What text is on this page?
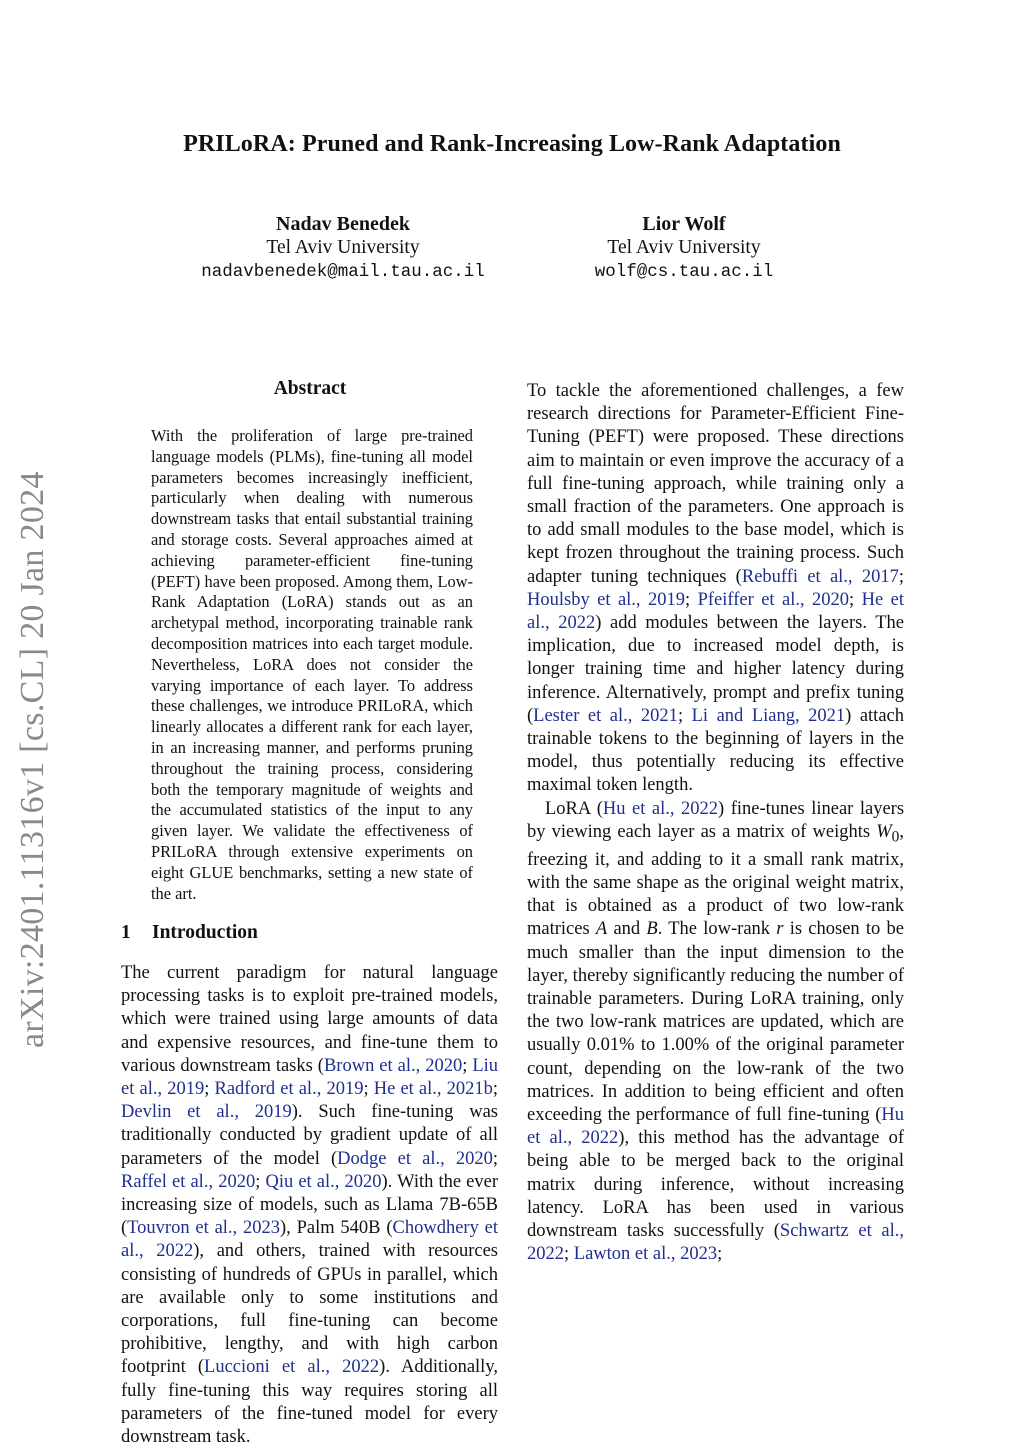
arXiv:2401.11316v1 [cs.CL] 20 Jan 2024
PRILoRA: Pruned and Rank-Increasing Low-Rank Adaptation
Nadav Benedek
Tel Aviv University
nadavbenedek@mail.tau.ac.il
Lior Wolf
Tel Aviv University
wolf@cs.tau.ac.il
Abstract
With the proliferation of large pre-trained language models (PLMs), fine-tuning all model parameters becomes increasingly inefficient, particularly when dealing with numerous downstream tasks that entail substantial training and storage costs. Several approaches aimed at achieving parameter-efficient fine-tuning (PEFT) have been proposed. Among them, Low-Rank Adaptation (LoRA) stands out as an archetypal method, incorporating trainable rank decomposition matrices into each target module. Nevertheless, LoRA does not consider the varying importance of each layer. To address these challenges, we introduce PRILoRA, which linearly allocates a different rank for each layer, in an increasing manner, and performs pruning throughout the training process, considering both the temporary magnitude of weights and the accumulated statistics of the input to any given layer. We validate the effectiveness of PRILoRA through extensive experiments on eight GLUE benchmarks, setting a new state of the art.
1 Introduction

The current paradigm for natural language processing tasks is to exploit pre-trained models, which were trained using large amounts of data and expensive resources, and fine-tune them to various downstream tasks (Brown et al., 2020; Liu et al., 2019; Radford et al., 2019; He et al., 2021b; Devlin et al., 2019). Such fine-tuning was traditionally conducted by gradient update of all parameters of the model (Dodge et al., 2020; Raffel et al., 2020; Qiu et al., 2020). With the ever increasing size of models, such as Llama 7B-65B (Touvron et al., 2023), Palm 540B (Chowdhery et al., 2022), and others, trained with resources consisting of hundreds of GPUs in parallel, which are available only to some institutions and corporations, full fine-tuning can become prohibitive, lengthy, and with high carbon footprint (Luccioni et al., 2022). Additionally, fully fine-tuning this way requires storing all parameters of the fine-tuned model for every downstream task.

To tackle the aforementioned challenges, a few research directions for Parameter-Efficient Fine-Tuning (PEFT) were proposed. These directions aim to maintain or even improve the accuracy of a full fine-tuning approach, while training only a small fraction of the parameters. One approach is to add small modules to the base model, which is kept frozen throughout the training process. Such adapter tuning techniques (Rebuffi et al., 2017; Houlsby et al., 2019; Pfeiffer et al., 2020; He et al., 2022) add modules between the layers. The implication, due to increased model depth, is longer training time and higher latency during inference. Alternatively, prompt and prefix tuning (Lester et al., 2021; Li and Liang, 2021) attach trainable tokens to the beginning of layers in the model, thus potentially reducing its effective maximal token length.

LoRA (Hu et al., 2022) fine-tunes linear layers by viewing each layer as a matrix of weights $W_0$, freezing it, and adding to it a small rank matrix, with the same shape as the original weight matrix, that is obtained as a product of two low-rank matrices A and B. The low-rank r is chosen to be much smaller than the input dimension to the layer, thereby significantly reducing the number of trainable parameters. During LoRA training, only the two low-rank matrices are updated, which are usually 0.01% to 1.00% of the original parameter count, depending on the low-rank of the two matrices. In addition to being efficient and often exceeding the performance of full fine-tuning (Hu et al., 2022), this method has the advantage of being able to be merged back to the original matrix during inference, without increasing latency. LoRA has been used in various downstream tasks successfully (Schwartz et al., 2022; Lawton et al., 2023;
